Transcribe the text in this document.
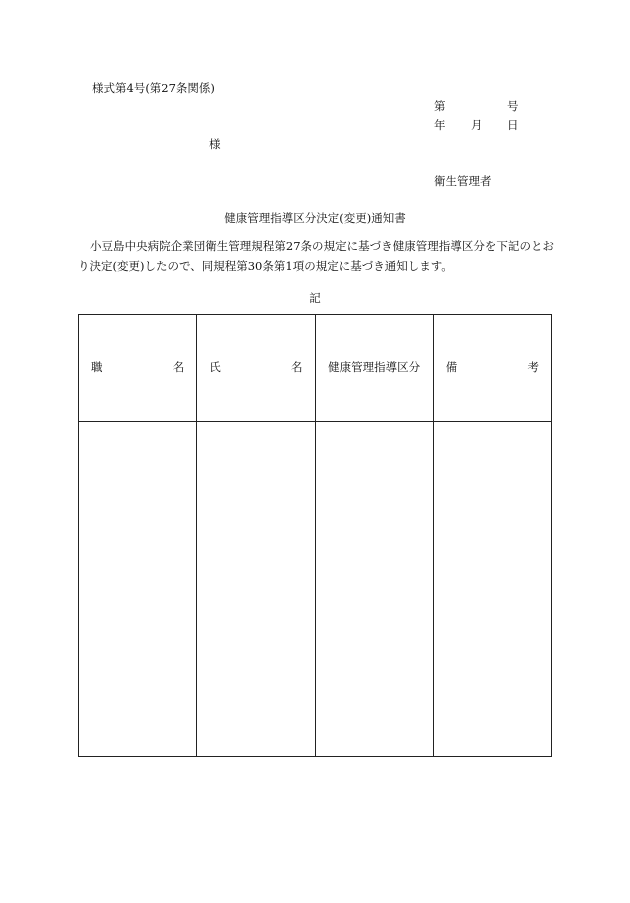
様式第4号(第27条関係)
第	号
年 月 日
様
衛生管理者
健康管理指導区分決定(変更)通知書
小豆島中央病院企業団衛生管理規程第27条の規定に基づき健康管理指導区分を下記のとおり決定(変更)したので、同規程第30条第1項の規定に基づき通知します。
記
職 名	氏 名	健康管理指導区分	備 考
